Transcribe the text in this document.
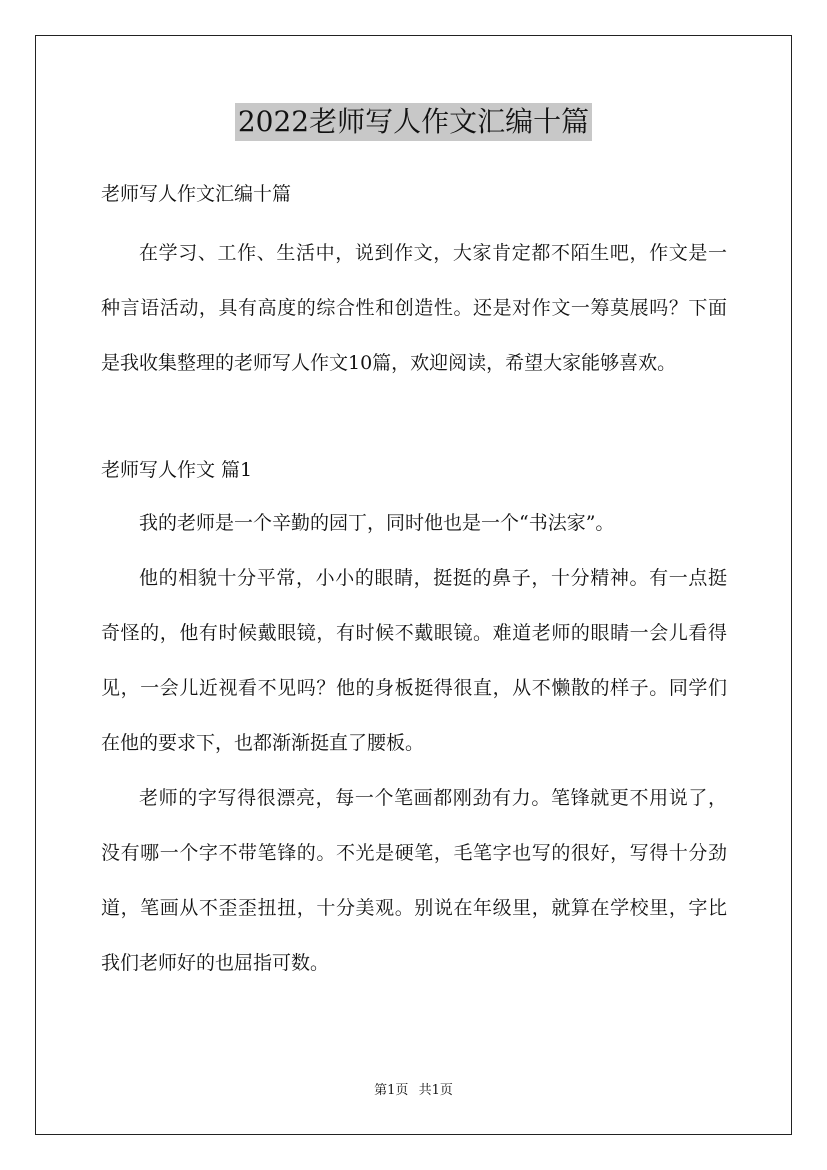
2022老师写人作文汇编十篇

老师写人作文汇编十篇

在学习、工作、生活中，说到作文，大家肯定都不陌生吧，作文是一种言语活动，具有高度的综合性和创造性。还是对作文一筹莫展吗？下面是我收集整理的老师写人作文10篇，欢迎阅读，希望大家能够喜欢。

老师写人作文 篇1

我的老师是一个辛勤的园丁，同时他也是一个“书法家”。

他的相貌十分平常，小小的眼睛，挺挺的鼻子，十分精神。有一点挺奇怪的，他有时候戴眼镜，有时候不戴眼镜。难道老师的眼睛一会儿看得见，一会儿近视看不见吗？他的身板挺得很直，从不懒散的样子。同学们在他的要求下，也都渐渐挺直了腰板。

老师的字写得很漂亮，每一个笔画都刚劲有力。笔锋就更不用说了，没有哪一个字不带笔锋的。不光是硬笔，毛笔字也写的很好，写得十分劲道，笔画从不歪歪扭扭，十分美观。别说在年级里，就算在学校里，字比我们老师好的也屈指可数。

第1页 共1页
